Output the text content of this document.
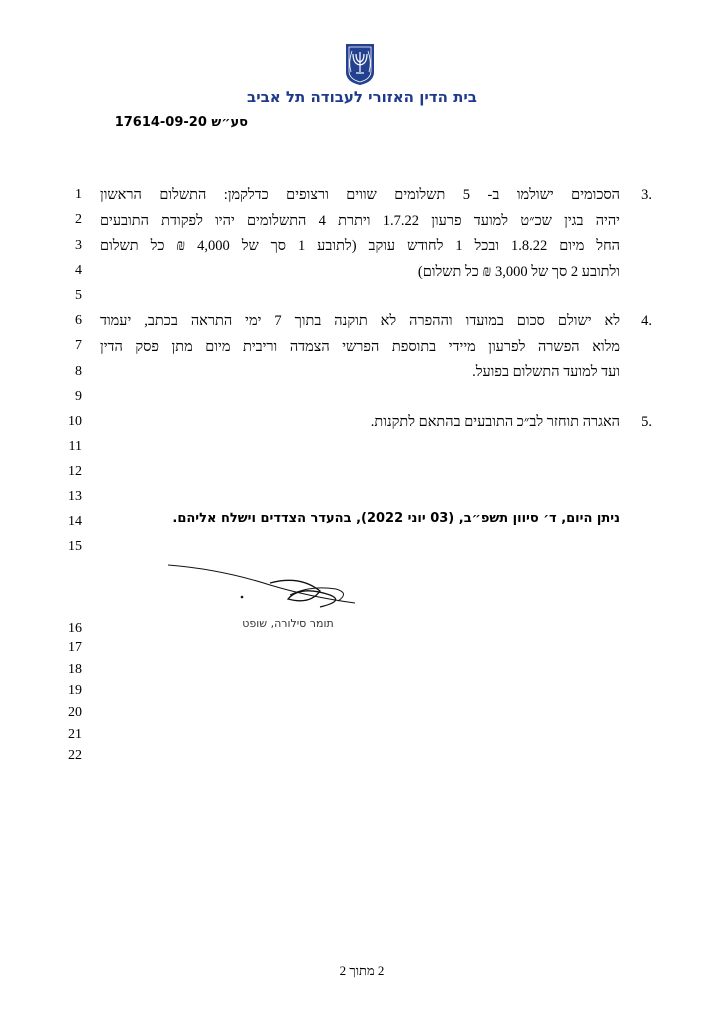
בית הדין האזורי לעבודה תל אביב
סע״ש 17614-09-20
1
2
3
4
5
6
7
8
9
10
11
12
13
14
15
16
17
18
19
20
21
22
3.
הסכומים ישולמו ב- 5 תשלומים שווים ורצופים כדלקמן: התשלום הראשון
יהיה בגין שכ״ט למועד פרעון 1.7.22 ויתרת 4 התשלומים יהיו לפקודת התובעים
החל מיום 1.8.22 ובכל 1 לחודש עוקב (לתובע 1 סך של 4,000 ₪ כל תשלום
ולתובע 2 סך של 3,000 ₪ כל תשלום)
4.
לא ישולם סכום במועדו וההפרה לא תוקנה בתוך 7 ימי התראה בכתב, יעמוד
מלוא הפשרה לפרעון מיידי בתוספת הפרשי הצמדה וריבית מיום מתן פסק הדין
ועד למועד התשלום בפועל.
5.
האגרה תוחזר לב״כ התובעים בהתאם לתקנות.
ניתן היום, ד׳ סיוון תשפ״ב, (03 יוני 2022), בהעדר הצדדים וישלח אליהם.
תומר סילורה, שופט
2 מתוך 2
